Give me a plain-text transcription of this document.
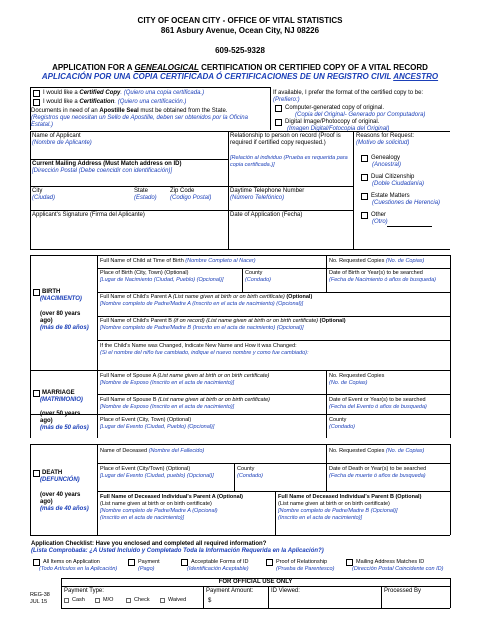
CITY OF OCEAN CITY - OFFICE OF VITAL STATISTICS
861 Asbury Avenue, Ocean City, NJ 08226
609-525-9328
APPLICATION FOR A GENEALOGICAL CERTIFICATION OR CERTIFIED COPY OF A VITAL RECORD
APLICACIÓN POR UNA COPIA CERTIFICADA Ó CERTIFICACIONES DE UN REGISTRO CIVIL ANCESTRO
I would like a Certified Copy. (Quiero una copia certificada.)
I would like a Certification. (Quiero una certificación.)
Documents in need of an Apostille Seal must be obtained from the State.
(Registros que necesitan un Sello de Apostille, deben ser obtenidos por la Oficina Estatal.)
If available, I prefer the format of the certified copy to be:
(Prefiero:)
Computer-generated copy of original.
(Copia del Original- Generado por Computadora)
Digital Image/Photocopy of original.
(Imagen Digital/Fotocopia del Original)
Name of Applicant
(Nombre de Aplicante)
Current Mailing Address (Must Match address on ID)
[Dirección Postal (Debe coencidir con identificación)]
City
(Ciudad)
State
(Estado)
Zip Code
(Codigo Postal)
Applicant's Signature (Firma del Aplicante)
Relationship to person on record (Proof is required if certified copy requested.)
[Relación al individuo (Prueba es requerida para copia certificada.)]
Daytime Telephone Number
(Número Telefónico)
Date of Application (Fecha)
Reasons for Request:
(Motivo de solicitud)
Genealogy
(Ancestral)
Dual Citizenship
(Doble Ciudadanía)
Estate Matters
(Cuestiones de Herencia)
Other
(Otro)
BIRTH
(NACIMIENTO)
(over 80 years ago)
(más de 80 años)
Full Name of Child at Time of Birth (Nombre Completo al Nacer)	No. Requested Copies (No. de Copias)
Place of Birth (City, Town) (Optional)
[Lugar de Nacimiento (Ciudad, Pueblo) (Opcional)]
County
(Condado)
Date of Birth or Year(s) to be searched
(Fecha de Nacimiento ó años de busqueda)
Full Name of Child's Parent A (List name given at birth or on birth certificate) (Optional)
[Nombre completo de Padre/Madre A (Inscrito en el acta de nacimiento) (Opcional)]
Full Name of Child's Parent B (if on record) (List name given at birth or on birth certificate) (Optional)
[Nombre completo de Padre/Madre B (Inscrito en el acta de nacimiento) (Opcional)]
If the Child's Name was Changed, Indicate New Name and How it was Changed:
(Si el nombre del niño fue cambiado, indique el nuevo nombre y como fue cambiado):
MARRIAGE
(MATRIMONIO)
(over 50 years ago)
(más de 50 años)
Full Name of Spouse A (List name given at birth or on birth certificate)
[Nombre de Esposo (Inscrito en el acta de nacimiento)]
No. Requested Copies
(No. de Copias)
Full Name of Spouse B (List name given at birth or on birth certificate)
[Nombre de Esposo (Inscrito en el acta de nacimiento)]
Date of Event or Year(s) to be searched
(Fecha del Evento ó años de busqueda)
Place of Event (City, Town) (Optional)
[Lugar del Evento (Ciudad, Pueblo) (Opcional)]
County
(Condado)
DEATH
(DEFUNCIÓN)
(over 40 years ago)
(más de 40 años)
Name of Deceased (Nombre del Fallecido)	No. Requested Copies (No. de Copias)
Place of Event (City/Town) (Optional)
[Lugar del Evento (Ciudad, pueblo) (Opcional)]
County
(Condado)
Date of Death or Year(s) to be searched
(Fecha de muerte ó años de busqueda)
Full Name of Deceased Individual's Parent A (Optional)
(List name given at birth or on birth certificate)
[Nombre completo de Padre/Madre A (Opcional)
(Inscrito en el acta de nacimiento)]
Full Name of Deceased Individual's Parent B (Optional)
(List name given at birth or on birth certificate)
[Nombre completo de Padre/Madre B (Opcional)]
(Inscrito en el acta de nacimiento)]
Application Checklist: Have you enclosed and completed all required information?
(Lista Comprobada: ¿A Usted Incluido y Completado Toda la Información Requerida en la Aplicación?)
All Items on Application
(Todo Artículos en la Aplicación)
Payment
(Pago)
Acceptable Forms of ID
(Identificación Aceptable)
Proof of Relationship
(Prueba de Parentesco)
Mailing Address Matches ID
(Dirección Postal Coincidente con ID)
FOR OFFICIAL USE ONLY
REG-38
JUL 15
Payment Type:
Cash	M/O	Check	Waived
Payment Amount:
$
ID Viewed:	Processed By
